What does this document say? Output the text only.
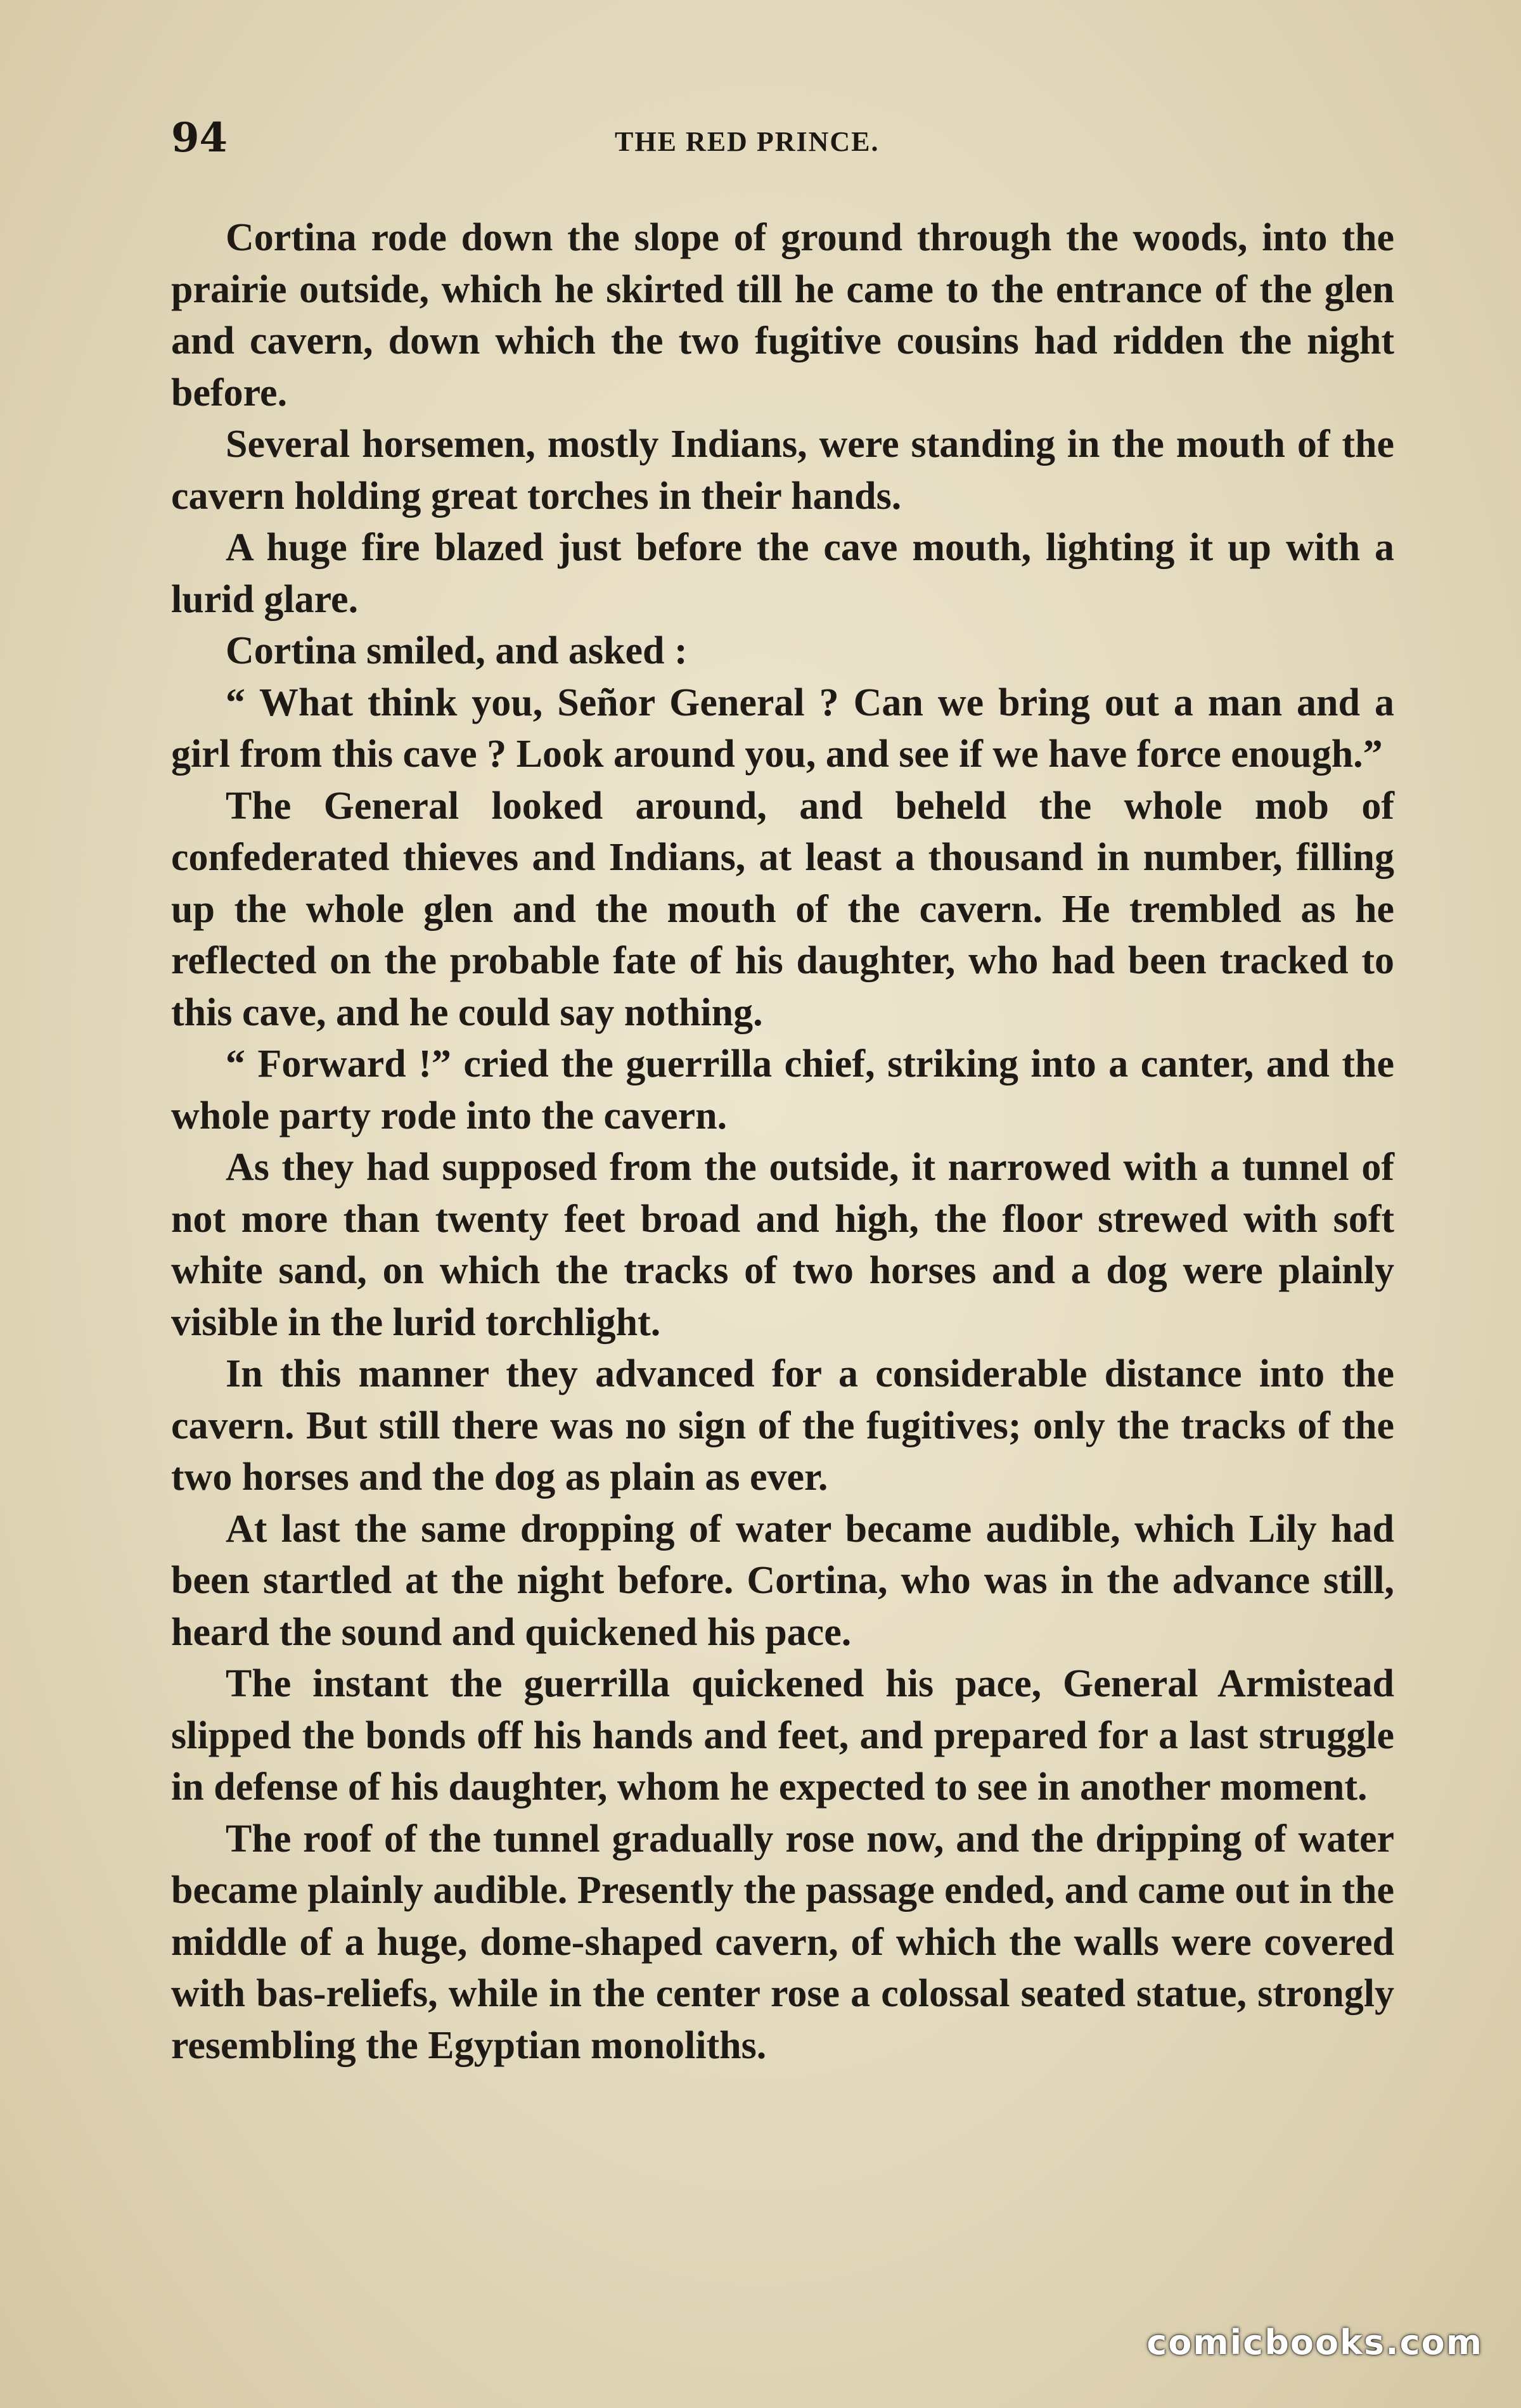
94	THE RED PRINCE.

Cortina rode down the slope of ground through the woods, into the prairie outside, which he skirted till he came to the entrance of the glen and cavern, down which the two fugitive cousins had ridden the night before.

Several horsemen, mostly Indians, were standing in the mouth of the cavern holding great torches in their hands.

A huge fire blazed just before the cave mouth, lighting it up with a lurid glare.

Cortina smiled, and asked :

“ What think you, Señor General ? Can we bring out a man and a girl from this cave ? Look around you, and see if we have force enough.”

The General looked around, and beheld the whole mob of confederated thieves and Indians, at least a thousand in number, filling up the whole glen and the mouth of the cavern. He trembled as he reflected on the probable fate of his daughter, who had been tracked to this cave, and he could say nothing.

“ Forward !” cried the guerrilla chief, striking into a canter, and the whole party rode into the cavern.

As they had supposed from the outside, it narrowed with a tunnel of not more than twenty feet broad and high, the floor strewed with soft white sand, on which the tracks of two horses and a dog were plainly visible in the lurid torchlight.

In this manner they advanced for a considerable distance into the cavern. But still there was no sign of the fugitives; only the tracks of the two horses and the dog as plain as ever.

At last the same dropping of water became audible, which Lily had been startled at the night before. Cortina, who was in the advance still, heard the sound and quickened his pace.

The instant the guerrilla quickened his pace, General Armistead slipped the bonds off his hands and feet, and prepared for a last struggle in defense of his daughter, whom he expected to see in another moment.

The roof of the tunnel gradually rose now, and the dripping of water became plainly audible. Presently the passage ended, and came out in the middle of a huge, dome-shaped cavern, of which the walls were covered with bas-reliefs, while in the center rose a colossal seated statue, strongly resembling the Egyptian monoliths.

comicbooks.com
